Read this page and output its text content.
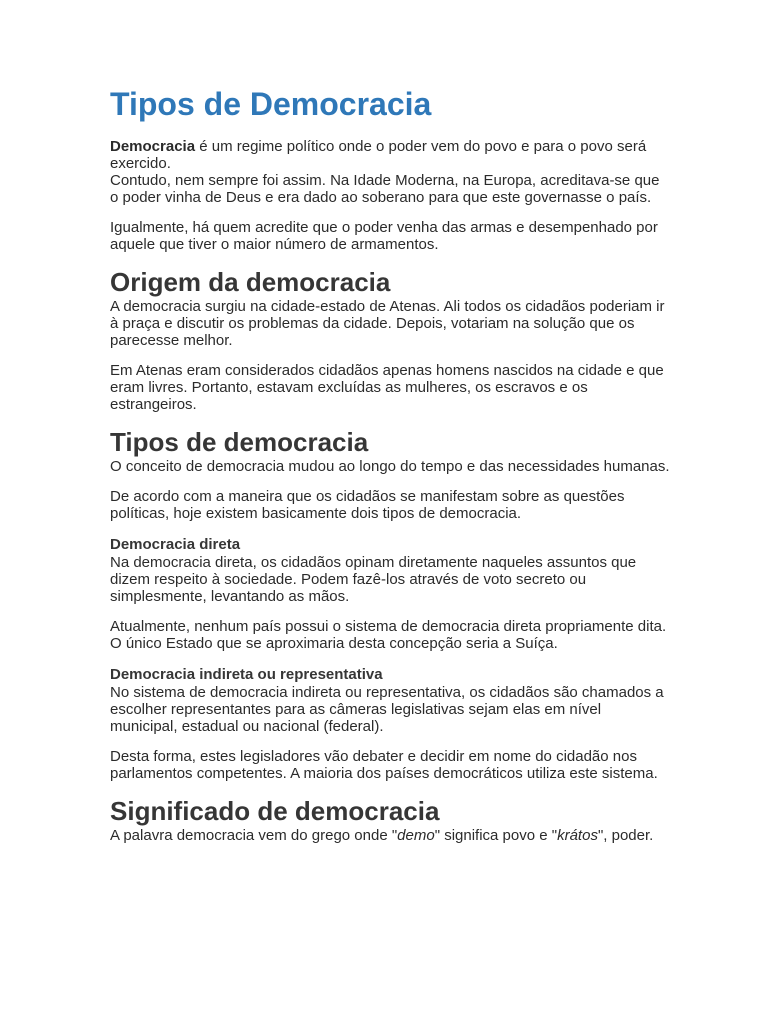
Tipos de Democracia

Democracia é um regime político onde o poder vem do povo e para o povo será exercido.

Contudo, nem sempre foi assim. Na Idade Moderna, na Europa, acreditava-se que o poder vinha de Deus e era dado ao soberano para que este governasse o país.

Igualmente, há quem acredite que o poder venha das armas e desempenhado por aquele que tiver o maior número de armamentos.

Origem da democracia

A democracia surgiu na cidade-estado de Atenas. Ali todos os cidadãos poderiam ir à praça e discutir os problemas da cidade. Depois, votariam na solução que os parecesse melhor.

Em Atenas eram considerados cidadãos apenas homens nascidos na cidade e que eram livres. Portanto, estavam excluídas as mulheres, os escravos e os estrangeiros.

Tipos de democracia

O conceito de democracia mudou ao longo do tempo e das necessidades humanas.

De acordo com a maneira que os cidadãos se manifestam sobre as questões políticas, hoje existem basicamente dois tipos de democracia.

Democracia direta

Na democracia direta, os cidadãos opinam diretamente naqueles assuntos que dizem respeito à sociedade. Podem fazê-los através de voto secreto ou simplesmente, levantando as mãos.

Atualmente, nenhum país possui o sistema de democracia direta propriamente dita. O único Estado que se aproximaria desta concepção seria a Suíça.

Democracia indireta ou representativa

No sistema de democracia indireta ou representativa, os cidadãos são chamados a escolher representantes para as câmeras legislativas sejam elas em nível municipal, estadual ou nacional (federal).

Desta forma, estes legisladores vão debater e decidir em nome do cidadão nos parlamentos competentes. A maioria dos países democráticos utiliza este sistema.

Significado de democracia

A palavra democracia vem do grego onde "demo" significa povo e "krátos", poder.
